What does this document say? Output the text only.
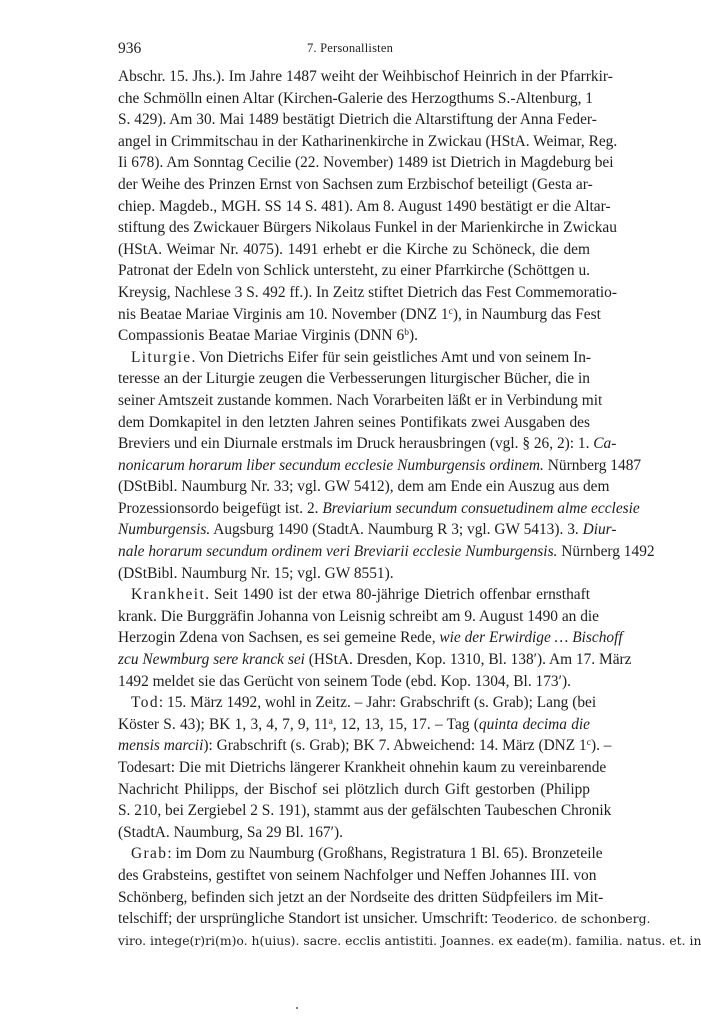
936	7. Personallisten
Abschr. 15. Jhs.). Im Jahre 1487 weiht der Weihbischof Heinrich in der Pfarrkir-
che Schmölln einen Altar (Kirchen-Galerie des Herzogthums S.-Altenburg, 1
S. 429). Am 30. Mai 1489 bestätigt Dietrich die Altarstiftung der Anna Feder-
angel in Crimmitschau in der Katharinenkirche in Zwickau (HStA. Weimar, Reg.
Ii 678). Am Sonntag Cecilie (22. November) 1489 ist Dietrich in Magdeburg bei
der Weihe des Prinzen Ernst von Sachsen zum Erzbischof beteiligt (Gesta ar-
chiep. Magdeb., MGH. SS 14 S. 481). Am 8. August 1490 bestätigt er die Altar-
stiftung des Zwickauer Bürgers Nikolaus Funkel in der Marienkirche in Zwickau
(HStA. Weimar Nr. 4075). 1491 erhebt er die Kirche zu Schöneck, die dem
Patronat der Edeln von Schlick untersteht, zu einer Pfarrkirche (Schöttgen u.
Kreysig, Nachlese 3 S. 492 ff.). In Zeitz stiftet Dietrich das Fest Commemoratio-
nis Beatae Mariae Virginis am 10. November (DNZ 1$^c$), in Naumburg das Fest
Compassionis Beatae Mariae Virginis (DNN 6$^b$).
Liturgie. Von Dietrichs Eifer für sein geistliches Amt und von seinem In-
teresse an der Liturgie zeugen die Verbesserungen liturgischer Bücher, die in
seiner Amtszeit zustande kommen. Nach Vorarbeiten läßt er in Verbindung mit
dem Domkapitel in den letzten Jahren seines Pontifikats zwei Ausgaben des
Breviers und ein Diurnale erstmals im Druck herausbringen (vgl. § 26, 2): 1. Ca-
nonicarum horarum liber secundum ecclesie Numburgensis ordinem. Nürnberg 1487
(DStBibl. Naumburg Nr. 33; vgl. GW 5412), dem am Ende ein Auszug aus dem
Prozessionsordo beigefügt ist. 2. Breviarium secundum consuetudinem alme ecclesie
Numburgensis. Augsburg 1490 (StadtA. Naumburg R 3; vgl. GW 5413). 3. Diur-
nale horarum secundum ordinem veri Breviarii ecclesie Numburgensis. Nürnberg 1492
(DStBibl. Naumburg Nr. 15; vgl. GW 8551).
Krankheit. Seit 1490 ist der etwa 80-jährige Dietrich offenbar ernsthaft
krank. Die Burggräfin Johanna von Leisnig schreibt am 9. August 1490 an die
Herzogin Zdena von Sachsen, es sei gemeine Rede, wie der Erwirdige … Bischoff
zcu Newmburg sere kranck sei (HStA. Dresden, Kop. 1310, Bl. 138′). Am 17. März
1492 meldet sie das Gerücht von seinem Tode (ebd. Kop. 1304, Bl. 173′).
Tod: 15. März 1492, wohl in Zeitz. – Jahr: Grabschrift (s. Grab); Lang (bei
Köster S. 43); BK 1, 3, 4, 7, 9, 11$^a$, 12, 13, 15, 17. – Tag (quinta decima die
mensis marcii): Grabschrift (s. Grab); BK 7. Abweichend: 14. März (DNZ 1$^c$). –
Todesart: Die mit Dietrichs längerer Krankheit ohnehin kaum zu vereinbarende
Nachricht Philipps, der Bischof sei plötzlich durch Gift gestorben (Philipp
S. 210, bei Zergiebel 2 S. 191), stammt aus der gefälschten Taubeschen Chronik
(StadtA. Naumburg, Sa 29 Bl. 167′).
Grab: im Dom zu Naumburg (Großhans, Registratura 1 Bl. 65). Bronzeteile
des Grabsteins, gestiftet von seinem Nachfolger und Neffen Johannes III. von
Schönberg, befinden sich jetzt an der Nordseite des dritten Südpfeilers im Mit-
telschiff; der ursprüngliche Standort ist unsicher. Umschrift: Teoderico. de schonberg.
viro. intege(r)ri(m)o. h(uius). sacre. ecclis antistiti. Joannes. ex eade(m). familia. natus. et. in
